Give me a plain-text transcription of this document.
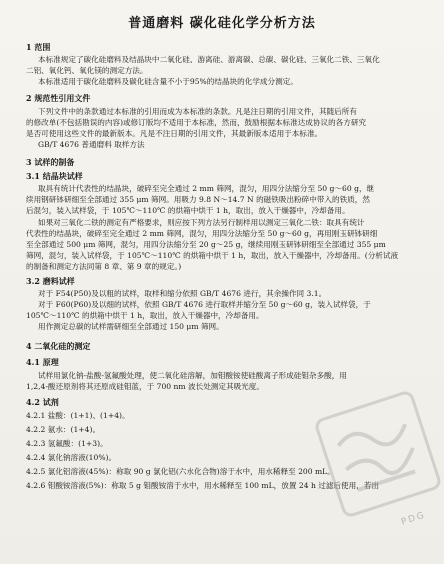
普通磨料 碳化硅化学分析方法
1 范围
本标准规定了碳化硅磨料及结晶块中二氧化硅、游离硅、游离碳、总碳、碳化硅、三氧化二铁、三氧化
二铝、氧化钙、氧化镁的测定方法。
本标准适用于碳化硅磨料及碳化硅含量不小于95%的结晶块的化学成分测定。
2 规范性引用文件
下列文件中的条款通过本标准的引用而成为本标准的条款。凡是注日期的引用文件，其随后所有
的修改单(不包括勘误的内容)或修订版均不适用于本标准，然而，鼓励根据本标准达成协议的各方研究
是否可使用这些文件的最新版本。凡是不注日期的引用文件，其最新版本适用于本标准。
GB/T 4676 普通磨料 取样方法
3 试样的制备
3.1 结晶块试样
取具有统计代表性的结晶块，破碎至完全通过 2 mm 筛网，混匀，用四分法缩分至 50 g～60 g，继
续用钢研钵研细至全部通过 355 μm 筛网。用吸力 9.8 N～14.7 N 的磁铁吸出粉碎中带入的铁质，然
后混匀，装入试样袋，于 105℃～110℃ 的烘箱中烘干 1 h，取出，放入干燥器中，冷却备用。
如果对三氧化二铁的测定有严格要求，则应按下列方法另行制样用以测定三氧化二铁：取具有统计
代表性的结晶块，破碎至完全通过 2 mm 筛网，混匀，用四分法缩分至 50 g～60 g，再用刚玉研钵研细
至全部通过 500 μm 筛网，混匀，用四分法缩分至 20 g～25 g，继续用刚玉研钵研细至全部通过 355 μm
筛网，混匀，装入试样袋，于 105℃～110℃ 的烘箱中烘干 1 h，取出，放入干燥器中，冷却备用。(分析试液
的制备和测定方法同第 8 章、第 9 章的规定。)
3.2 磨料试样
对于 F54(P50)及以粗的试样，取样和缩分依照 GB/T 4676 进行，其余操作同 3.1。
对于 F60(P60)及以细的试样，依照 GB/T 4676 进行取样并缩分至 50 g～60 g，装入试样袋，于
105℃～110℃ 的烘箱中烘干 1 h，取出，放入干燥器中，冷却备用。
用作测定总碳的试样需研细至全部通过 150 μm 筛网。
4 二氧化硅的测定
4.1 原理
试样用氯化钠-盐酸-氢氟酸处理，使二氧化硅溶解，加钼酸铵使硅酸离子形成硅钼杂多酸，用
1,2,4-酸还原剂将其还原成硅钼蓝，于 700 nm 波长处测定其吸光度。
4.2 试剂
4.2.1 盐酸：(1+1)、(1+4)。
4.2.2 氨水：(1+4)。
4.2.3 氢氟酸：(1+3)。
4.2.4 氯化钠溶液(10%)。
4.2.5 氯化铝溶液(45%)：称取 90 g 氯化铝(六水化合物)溶于水中，用水稀释至 200 mL。
4.2.6 钼酸铵溶液(5%)：称取 5 g 钼酸铵溶于水中，用水稀释至 100 mL，放置 24 h 过滤后使用，若出
PDG
